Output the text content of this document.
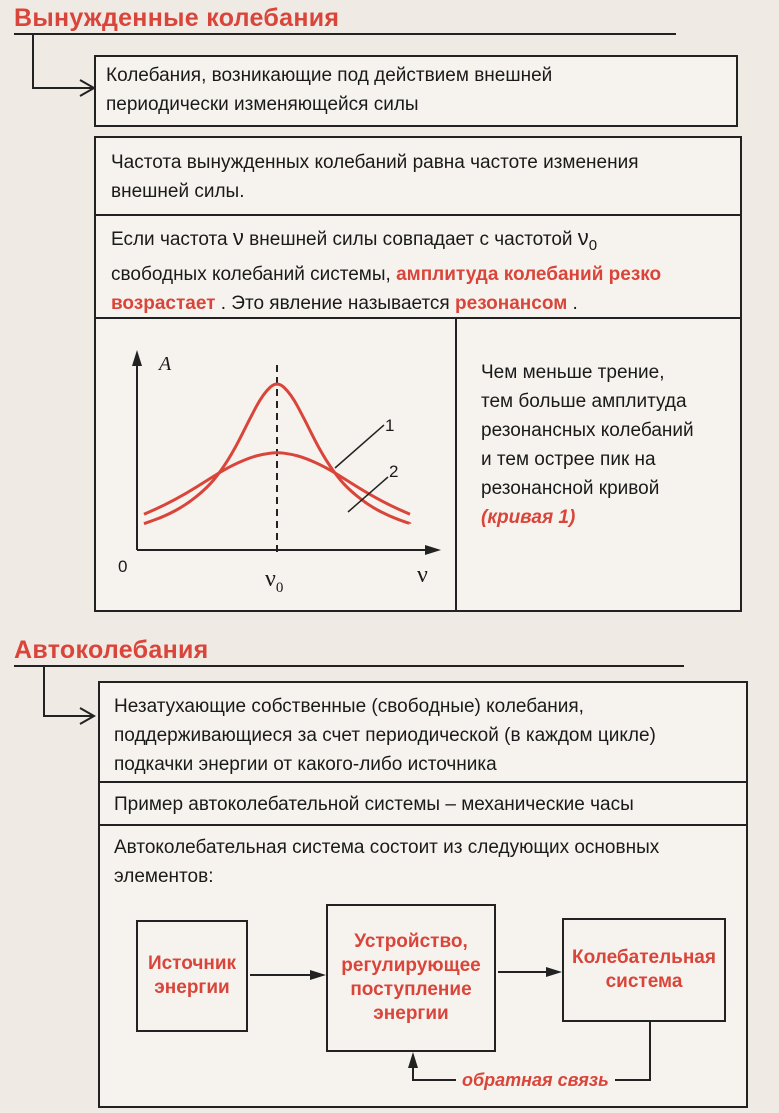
Вынужденные колебания
Колебания, возникающие под действием внешней
периодически изменяющейся силы
Частота вынужденных колебаний равна частоте изменения
внешней силы.
Если частота ν внешней силы совпадает с частотой $\nu_0$
свободных колебаний системы, амплитуда колебаний резко
возрастает . Это явление называется резонансом .
1
2
A
ν
0	$\nu_0$
Чем меньше трение,
тем больше амплитуда
резонансных колебаний
и тем острее пик на
резонансной кривой
(кривая 1)
Автоколебания
Незатухающие собственные (свободные) колебания,
поддерживающиеся за счет периодической (в каждом цикле)
подкачки энергии от какого-либо источника
Пример автоколебательной системы – механические часы
Автоколебательная система состоит из следующих основных
элементов:
Источник энергии
Устройство, регулирующее поступление энергии
Колебательная система
обратная связь
